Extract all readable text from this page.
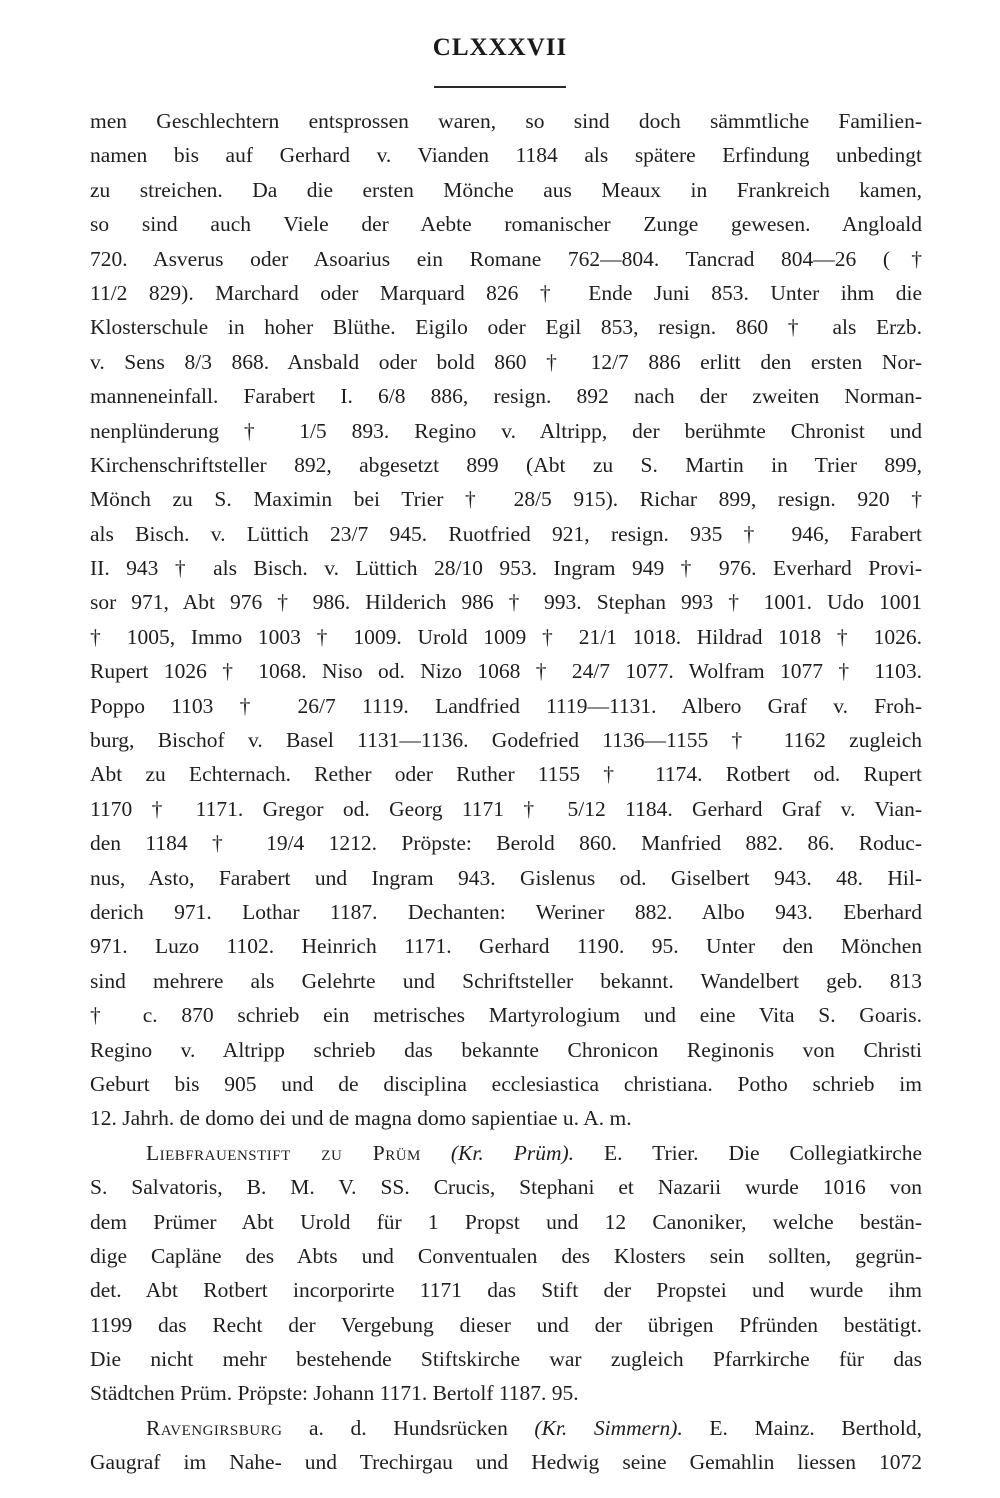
CLXXXVII
men Geschlechtern entsprossen waren, so sind doch sämmtliche Familien-
namen bis auf Gerhard v. Vianden 1184 als spätere Erfindung unbedingt
zu streichen. Da die ersten Mönche aus Meaux in Frankreich kamen,
so sind auch Viele der Aebte romanischer Zunge gewesen. Angloald
720. Asverus oder Asoarius ein Romane 762—804. Tancrad 804—26 (†
11/2 829). Marchard oder Marquard 826 † Ende Juni 853. Unter ihm die
Klosterschule in hoher Blüthe. Eigilo oder Egil 853, resign. 860 † als Erzb.
v. Sens 8/3 868. Ansbald oder bold 860 † 12/7 886 erlitt den ersten Nor-
manneneinfall. Farabert I. 6/8 886, resign. 892 nach der zweiten Norman-
nenplünderung † 1/5 893. Regino v. Altripp, der berühmte Chronist und
Kirchenschriftsteller 892, abgesetzt 899 (Abt zu S. Martin in Trier 899,
Mönch zu S. Maximin bei Trier † 28/5 915). Richar 899, resign. 920 †
als Bisch. v. Lüttich 23/7 945. Ruotfried 921, resign. 935 † 946, Farabert
II. 943 † als Bisch. v. Lüttich 28/10 953. Ingram 949 † 976. Everhard Provi-
sor 971, Abt 976 † 986. Hilderich 986 † 993. Stephan 993 † 1001. Udo 1001
† 1005, Immo 1003 † 1009. Urold 1009 † 21/1 1018. Hildrad 1018 † 1026.
Rupert 1026 † 1068. Niso od. Nizo 1068 † 24/7 1077. Wolfram 1077 † 1103.
Poppo 1103 † 26/7 1119. Landfried 1119—1131. Albero Graf v. Froh-
burg, Bischof v. Basel 1131—1136. Godefried 1136—1155 † 1162 zugleich
Abt zu Echternach. Rether oder Ruther 1155 † 1174. Rotbert od. Rupert
1170 † 1171. Gregor od. Georg 1171 † 5/12 1184. Gerhard Graf v. Vian-
den 1184 † 19/4 1212. Pröpste: Berold 860. Manfried 882. 86. Roduc-
nus, Asto, Farabert und Ingram 943. Gislenus od. Giselbert 943. 48. Hil-
derich 971. Lothar 1187. Dechanten: Weriner 882. Albo 943. Eberhard
971. Luzo 1102. Heinrich 1171. Gerhard 1190. 95. Unter den Mönchen
sind mehrere als Gelehrte und Schriftsteller bekannt. Wandelbert geb. 813
† c. 870 schrieb ein metrisches Martyrologium und eine Vita S. Goaris.
Regino v. Altripp schrieb das bekannte Chronicon Reginonis von Christi
Geburt bis 905 und de disciplina ecclesiastica christiana. Potho schrieb im
12. Jahrh. de domo dei und de magna domo sapientiae u. A. m.
Liebfrauenstift zu Prüm (Kr. Prüm). E. Trier. Die Collegiatkirche
S. Salvatoris, B. M. V. SS. Crucis, Stephani et Nazarii wurde 1016 von
dem Prümer Abt Urold für 1 Propst und 12 Canoniker, welche bestän-
dige Capläne des Abts und Conventualen des Klosters sein sollten, gegrün-
det. Abt Rotbert incorporirte 1171 das Stift der Propstei und wurde ihm
1199 das Recht der Vergebung dieser und der übrigen Pfründen bestätigt.
Die nicht mehr bestehende Stiftskirche war zugleich Pfarrkirche für das
Städtchen Prüm. Pröpste: Johann 1171. Bertolf 1187. 95.
Ravengirsburg a. d. Hundsrücken (Kr. Simmern). E. Mainz. Berthold,
Gaugraf im Nahe- und Trechirgau und Hedwig seine Gemahlin liessen 1072
